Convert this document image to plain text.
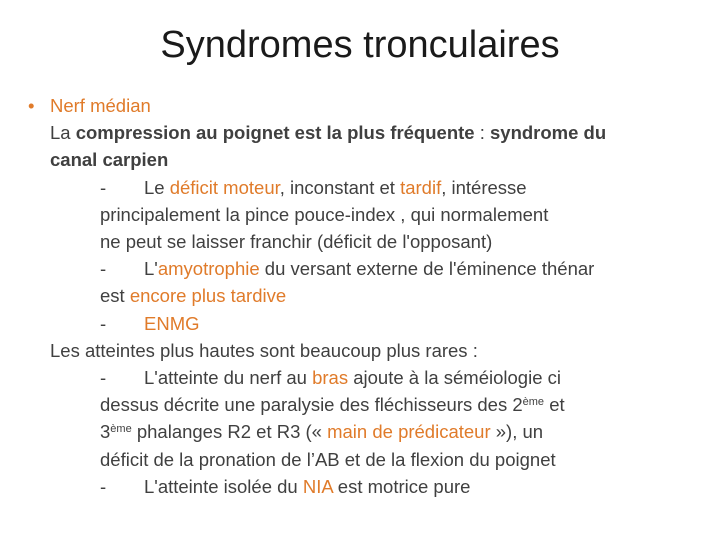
Syndromes tronculaires
• Nerf médian
La compression au poignet est la plus fréquente : syndrome du
canal carpien
- Le déficit moteur, inconstant et tardif, intéresse
principalement la pince pouce-index , qui normalement
ne peut se laisser franchir (déficit de l'opposant)
- L'amyotrophie du versant externe de l'éminence thénar
est encore plus tardive
- ENMG
Les atteintes plus hautes sont beaucoup plus rares :
- L'atteinte du nerf au bras ajoute à la séméiologie ci
dessus décrite une paralysie des fléchisseurs des 2ème et
3ème phalanges R2 et R3 (« main de prédicateur »), un
déficit de la pronation de l’AB et de la flexion du poignet
- L'atteinte isolée du NIA est motrice pure
